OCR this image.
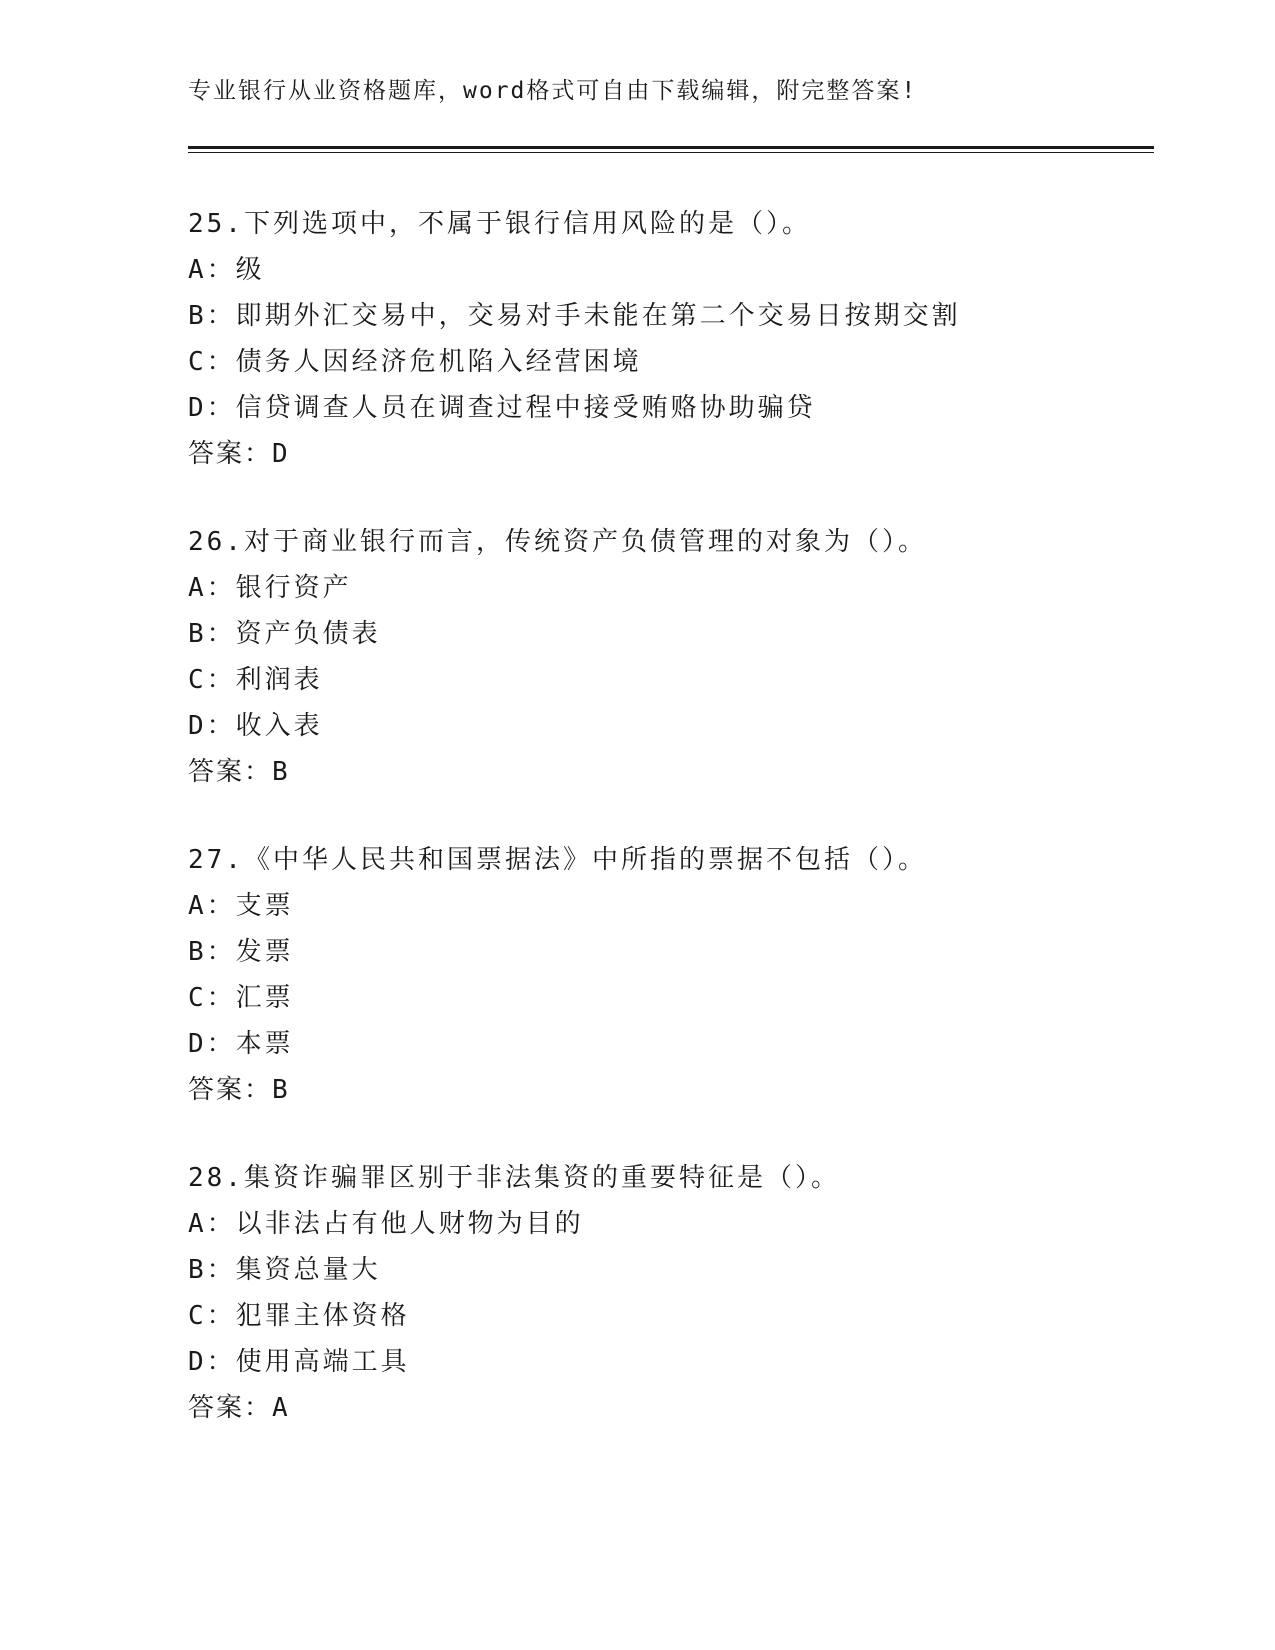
专业银行从业资格题库，word格式可自由下载编辑，附完整答案!
25.下列选项中，不属于银行信用风险的是（）。
A：级
B：即期外汇交易中，交易对手未能在第二个交易日按期交割
C：债务人因经济危机陷入经营困境
D：信贷调查人员在调查过程中接受贿赂协助骗贷
答案：D
26.对于商业银行而言，传统资产负债管理的对象为（）。
A：银行资产
B：资产负债表
C：利润表
D：收入表
答案：B
27.《中华人民共和国票据法》中所指的票据不包括（）。
A：支票
B：发票
C：汇票
D：本票
答案：B
28.集资诈骗罪区别于非法集资的重要特征是（）。
A：以非法占有他人财物为目的
B：集资总量大
C：犯罪主体资格
D：使用高端工具
答案：A
